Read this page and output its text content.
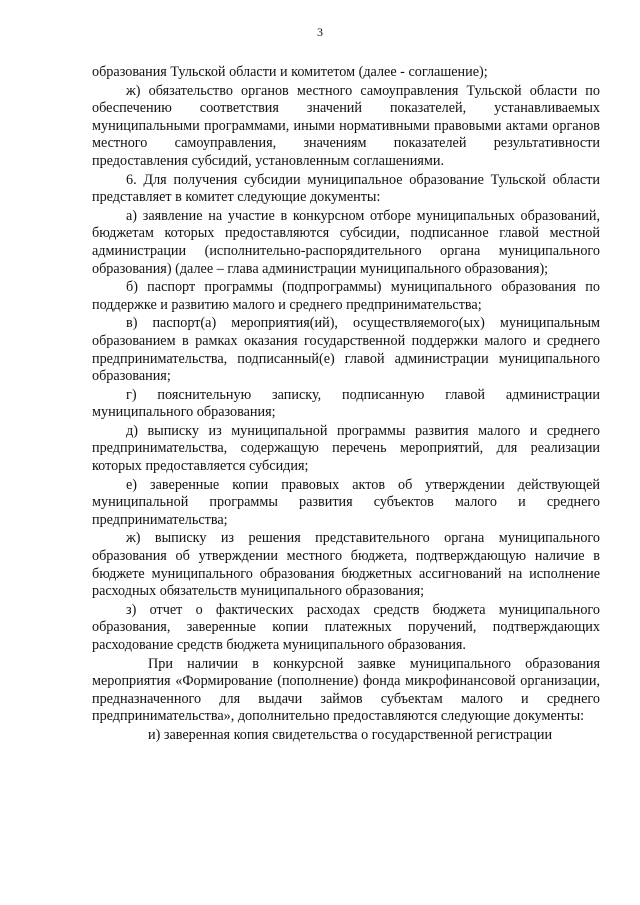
3

образования Тульской области и комитетом (далее - соглашение);

ж) обязательство органов местного самоуправления Тульской области по обеспечению соответствия значений показателей, устанавливаемых муниципальными программами, иными нормативными правовыми актами органов местного самоуправления, значениям показателей результативности предоставления субсидий, установленным соглашениями.

6. Для получения субсидии муниципальное образование Тульской области представляет в комитет следующие документы:

а) заявление на участие в конкурсном отборе муниципальных образований, бюджетам которых предоставляются субсидии, подписанное главой местной администрации (исполнительно-распорядительного органа муниципального образования) (далее – глава администрации муниципального образования);

б) паспорт программы (подпрограммы) муниципального образования по поддержке и развитию малого и среднего предпринимательства;

в) паспорт(а) мероприятия(ий), осуществляемого(ых) муниципальным образованием в рамках оказания государственной поддержки малого и среднего предпринимательства, подписанный(е) главой администрации муниципального образования;

г) пояснительную записку, подписанную главой администрации муниципального образования;

д) выписку из муниципальной программы развития малого и среднего предпринимательства, содержащую перечень мероприятий, для реализации которых предоставляется субсидия;

е) заверенные копии правовых актов об утверждении действующей муниципальной программы развития субъектов малого и среднего предпринимательства;

ж) выписку из решения представительного органа муниципального образования об утверждении местного бюджета, подтверждающую наличие в бюджете муниципального образования бюджетных ассигнований на исполнение расходных обязательств муниципального образования;

з) отчет о фактических расходах средств бюджета муниципального образования, заверенные копии платежных поручений, подтверждающих расходование средств бюджета муниципального образования.

При наличии в конкурсной заявке муниципального образования мероприятия «Формирование (пополнение) фонда микрофинансовой организации, предназначенного для выдачи займов субъектам малого и среднего предпринимательства», дополнительно предоставляются следующие документы:

и) заверенная копия свидетельства о государственной регистрации
